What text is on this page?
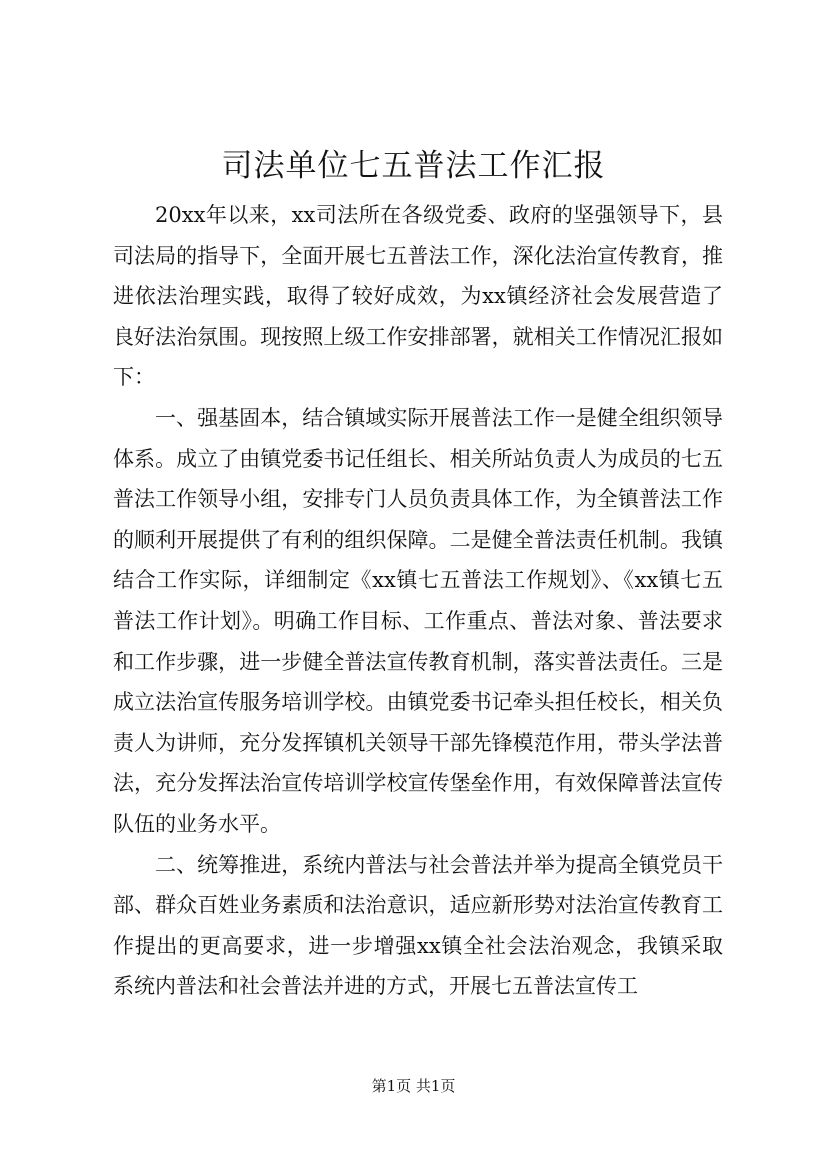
司法单位七五普法工作汇报

20xx年以来，xx司法所在各级党委、政府的坚强领导下，县司法局的指导下，全面开展七五普法工作，深化法治宣传教育，推进依法治理实践，取得了较好成效，为xx镇经济社会发展营造了良好法治氛围。现按照上级工作安排部署，就相关工作情况汇报如下：

一、强基固本，结合镇域实际开展普法工作一是健全组织领导体系。成立了由镇党委书记任组长、相关所站负责人为成员的七五普法工作领导小组，安排专门人员负责具体工作，为全镇普法工作的顺利开展提供了有利的组织保障。二是健全普法责任机制。我镇结合工作实际，详细制定《xx镇七五普法工作规划》、《xx镇七五普法工作计划》。明确工作目标、工作重点、普法对象、普法要求和工作步骤，进一步健全普法宣传教育机制，落实普法责任。三是成立法治宣传服务培训学校。由镇党委书记牵头担任校长，相关负责人为讲师，充分发挥镇机关领导干部先锋模范作用，带头学法普法，充分发挥法治宣传培训学校宣传堡垒作用，有效保障普法宣传队伍的业务水平。

二、统筹推进，系统内普法与社会普法并举为提高全镇党员干部、群众百姓业务素质和法治意识，适应新形势对法治宣传教育工作提出的更高要求，进一步增强xx镇全社会法治观念，我镇采取系统内普法和社会普法并进的方式，开展七五普法宣传工

第1页 共1页
